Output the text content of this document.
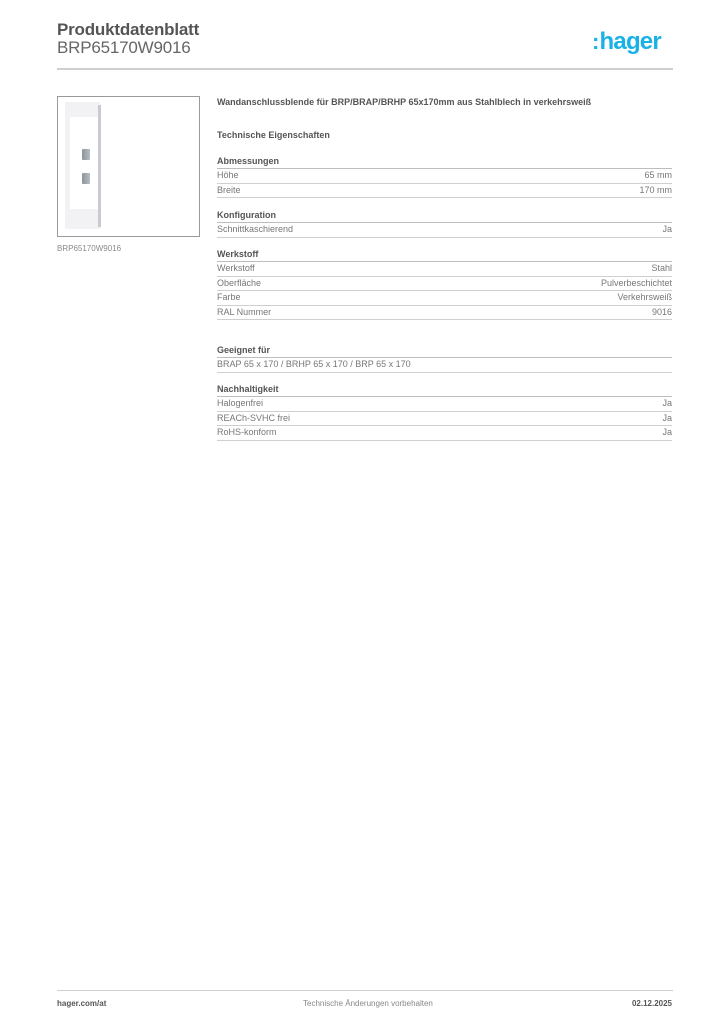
Produktdatenblatt
BRP65170W9016	:hager
BRP65170W9016
Wandanschlussblende für BRP/BRAP/BRHP 65x170mm aus Stahlblech in verkehrsweiß
Technische Eigenschaften
Abmessungen
Höhe	65 mm
Breite	170 mm
Konfiguration
Schnittkaschierend	Ja
Werkstoff
Werkstoff	Stahl
Oberfläche	Pulverbeschichtet
Farbe	Verkehrsweiß
RAL Nummer	9016
Geeignet für
BRAP 65 x 170 / BRHP 65 x 170 / BRP 65 x 170
Nachhaltigkeit
Halogenfrei	Ja
REACh-SVHC frei	Ja
RoHS-konform	Ja
hager.com/at	Technische Änderungen vorbehalten	02.12.2025
